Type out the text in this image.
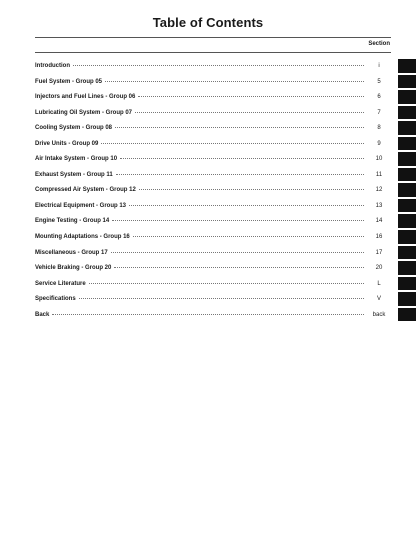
Table of Contents
Section
Introduction	i
Fuel System - Group 05	5
Injectors and Fuel Lines - Group 06	6
Lubricating Oil System - Group 07	7
Cooling System - Group 08	8
Drive Units - Group 09	9
Air Intake System - Group 10	10
Exhaust System - Group 11	11
Compressed Air System - Group 12	12
Electrical Equipment - Group 13	13
Engine Testing - Group 14	14
Mounting Adaptations - Group 16	16
Miscellaneous - Group 17	17
Vehicle Braking - Group 20	20
Service Literature	L
Specifications	V
Back	back
